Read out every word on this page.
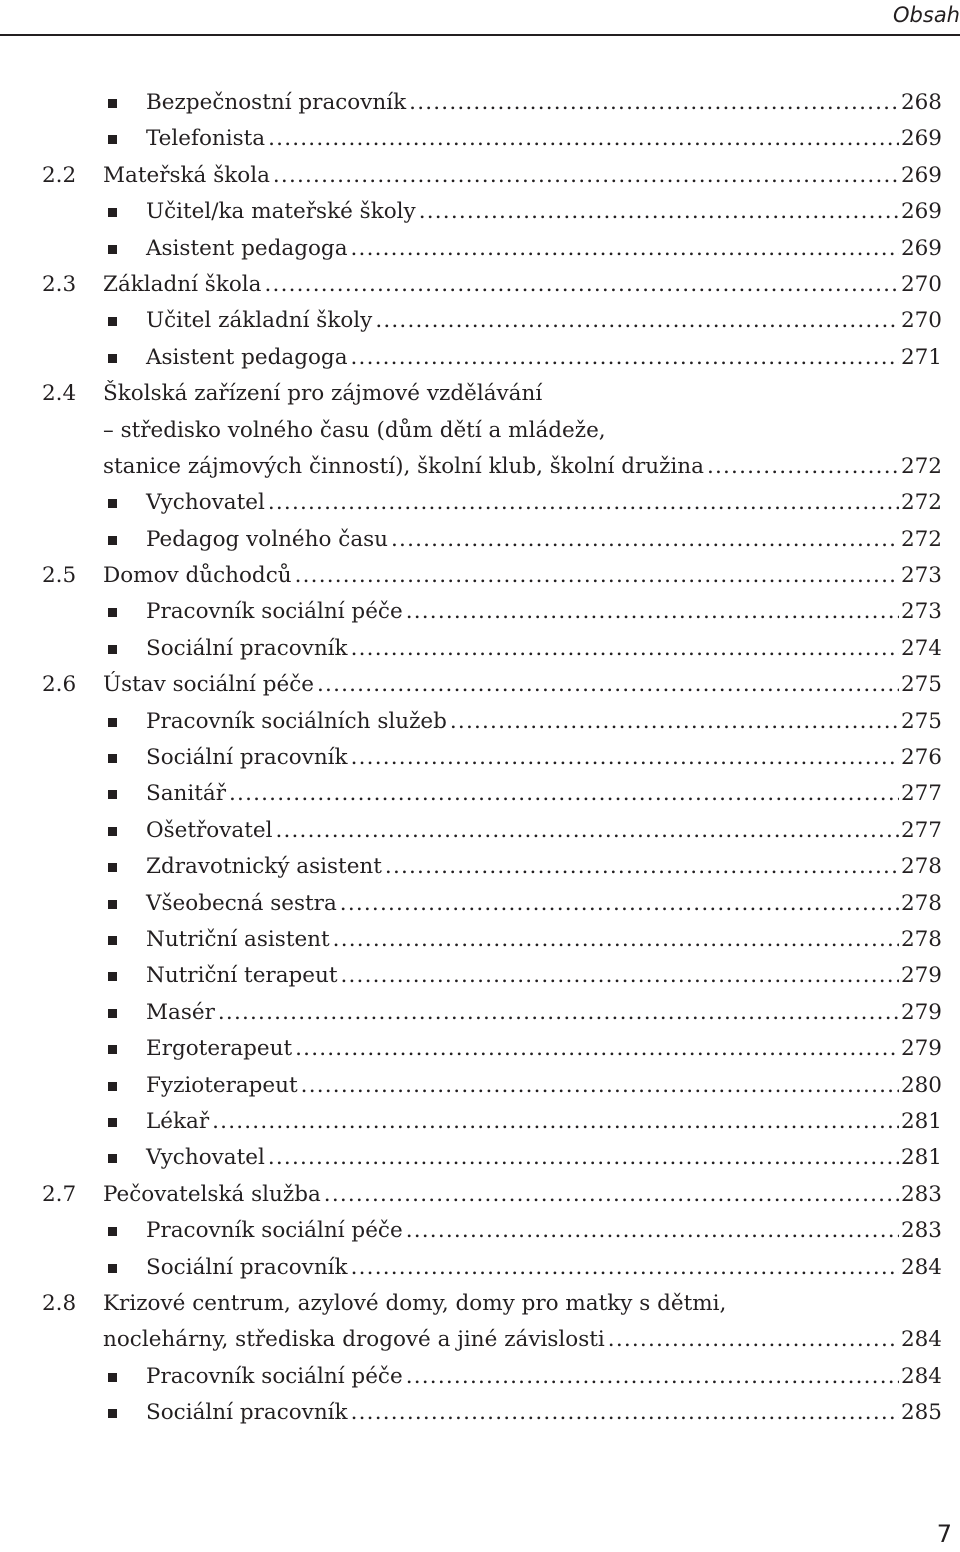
Obsah
Bezpečnostní pracovník .....	268
Telefonista .....	269
2.2 Mateřská škola .....	269
Učitel/ka mateřské školy .....	269
Asistent pedagoga .....	269
2.3 Základní škola .....	270
Učitel základní školy .....	270
Asistent pedagoga .....	271
2.4 Školská zařízení pro zájmové vzdělávání
– středisko volného času (dům dětí a mládeže,
stanice zájmových činností), školní klub, školní družina .....	272
Vychovatel .....	272
Pedagog volného času .....	272
2.5 Domov důchodců .....	273
Pracovník sociální péče .....	273
Sociální pracovník .....	274
2.6 Ústav sociální péče .....	275
Pracovník sociálních služeb .....	275
Sociální pracovník .....	276
Sanitář .....	277
Ošetřovatel .....	277
Zdravotnický asistent .....	278
Všeobecná sestra .....	278
Nutriční asistent .....	278
Nutriční terapeut .....	279
Masér .....	279
Ergoterapeut .....	279
Fyzioterapeut .....	280
Lékař .....	281
Vychovatel .....	281
2.7 Pečovatelská služba .....	283
Pracovník sociální péče .....	283
Sociální pracovník .....	284
2.8 Krizové centrum, azylové domy, domy pro matky s dětmi,
noclehárny, střediska drogové a jiné závislosti .....	284
Pracovník sociální péče .....	284
Sociální pracovník .....	285
7
